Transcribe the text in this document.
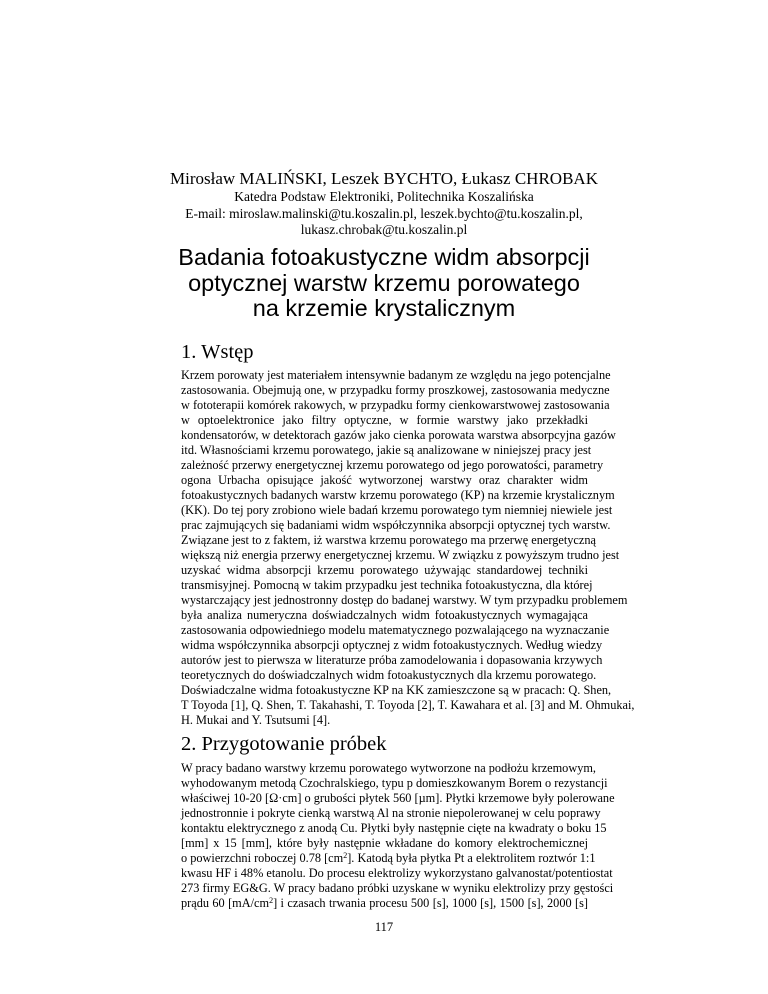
Mirosław MALIŃSKI, Leszek BYCHTO, Łukasz CHROBAK
Katedra Podstaw Elektroniki, Politechnika Koszalińska
E-mail: miroslaw.malinski@tu.koszalin.pl, leszek.bychto@tu.koszalin.pl,
lukasz.chrobak@tu.koszalin.pl
Badania fotoakustyczne widm absorpcji
optycznej warstw krzemu porowatego
na krzemie krystalicznym
1. Wstęp
Krzem porowaty jest materiałem intensywnie badanym ze względu na jego potencjalne
zastosowania. Obejmują one, w przypadku formy proszkowej, zastosowania medyczne
w fototerapii komórek rakowych, w przypadku formy cienkowarstwowej zastosowania
w optoelektronice jako filtry optyczne, w formie warstwy jako przekładki
kondensatorów, w detektorach gazów jako cienka porowata warstwa absorpcyjna gazów
itd. Własnościami krzemu porowatego, jakie są analizowane w niniejszej pracy jest
zależność przerwy energetycznej krzemu porowatego od jego porowatości, parametry
ogona Urbacha opisujące jakość wytworzonej warstwy oraz charakter widm
fotoakustycznych badanych warstw krzemu porowatego (KP) na krzemie krystalicznym
(KK). Do tej pory zrobiono wiele badań krzemu porowatego tym niemniej niewiele jest
prac zajmujących się badaniami widm współczynnika absorpcji optycznej tych warstw.
Związane jest to z faktem, iż warstwa krzemu porowatego ma przerwę energetyczną
większą niż energia przerwy energetycznej krzemu. W związku z powyższym trudno jest
uzyskać widma absorpcji krzemu porowatego używając standardowej techniki
transmisyjnej. Pomocną w takim przypadku jest technika fotoakustyczna, dla której
wystarczający jest jednostronny dostęp do badanej warstwy. W tym przypadku problemem
była analiza numeryczna doświadczalnych widm fotoakustycznych wymagająca
zastosowania odpowiedniego modelu matematycznego pozwalającego na wyznaczanie
widma współczynnika absorpcji optycznej z widm fotoakustycznych. Według wiedzy
autorów jest to pierwsza w literaturze próba zamodelowania i dopasowania krzywych
teoretycznych do doświadczalnych widm fotoakustycznych dla krzemu porowatego.
Doświadczalne widma fotoakustyczne KP na KK zamieszczone są w pracach: Q. Shen,
T Toyoda [1], Q. Shen, T. Takahashi, T. Toyoda [2], T. Kawahara et al. [3] and M. Ohmukai,
H. Mukai and Y. Tsutsumi [4].
2. Przygotowanie próbek
W pracy badano warstwy krzemu porowatego wytworzone na podłożu krzemowym,
wyhodowanym metodą Czochralskiego, typu p domieszkowanym Borem o rezystancji
właściwej 10-20 [Ω·cm] o grubości płytek 560 [µm]. Płytki krzemowe były polerowane
jednostronnie i pokryte cienką warstwą Al na stronie niepolerowanej w celu poprawy
kontaktu elektrycznego z anodą Cu. Płytki były następnie cięte na kwadraty o boku 15
[mm] x 15 [mm], które były następnie wkładane do komory elektrochemicznej
o powierzchni roboczej 0.78 $[cm^2]$. Katodą była płytka Pt a elektrolitem roztwór 1:1
kwasu HF i 48% etanolu. Do procesu elektrolizy wykorzystano galvanostat/potentiostat
273 firmy EG&G. W pracy badano próbki uzyskane w wyniku elektrolizy przy gęstości
prądu 60 $[mA/cm^2]$ i czasach trwania procesu 500 [s], 1000 [s], 1500 [s], 2000 [s]
117
